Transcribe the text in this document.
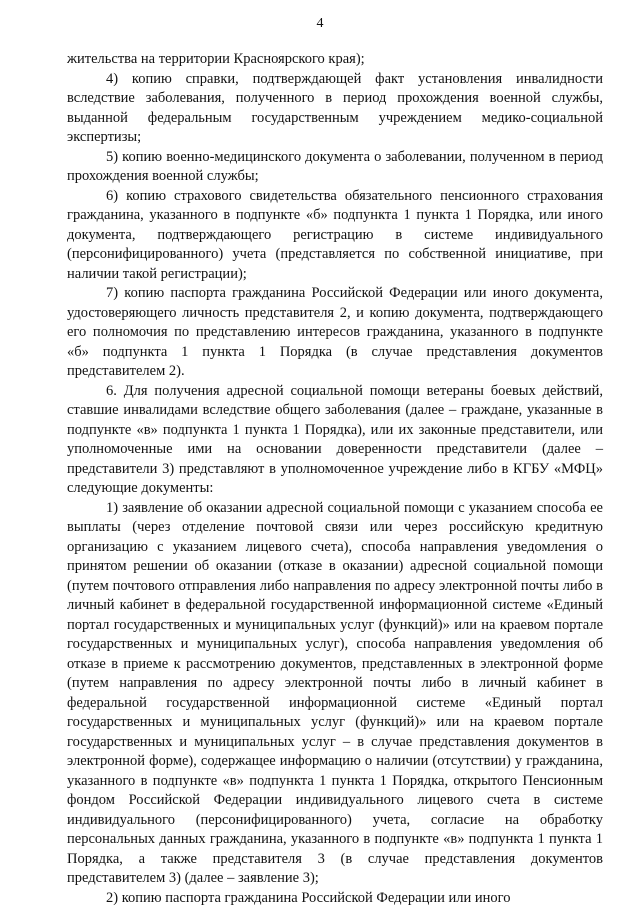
4

жительства на территории Красноярского края);

4) копию справки, подтверждающей факт установления инвалидности вследствие заболевания, полученного в период прохождения военной службы, выданной федеральным государственным учреждением медико-социальной экспертизы;

5) копию военно-медицинского документа о заболевании, полученном в период прохождения военной службы;

6) копию страхового свидетельства обязательного пенсионного страхования гражданина, указанного в подпункте «б» подпункта 1 пункта 1 Порядка, или иного документа, подтверждающего регистрацию в системе индивидуального (персонифицированного) учета (представляется по собственной инициативе, при наличии такой регистрации);

7) копию паспорта гражданина Российской Федерации или иного документа, удостоверяющего личность представителя 2, и копию документа, подтверждающего его полномочия по представлению интересов гражданина, указанного в подпункте «б» подпункта 1 пункта 1 Порядка (в случае представления документов представителем 2).

6. Для получения адресной социальной помощи ветераны боевых действий, ставшие инвалидами вследствие общего заболевания (далее – граждане, указанные в подпункте «в» подпункта 1 пункта 1 Порядка), или их законные представители, или уполномоченные ими на основании доверенности представители (далее – представители 3) представляют в уполномоченное учреждение либо в КГБУ «МФЦ» следующие документы:

1) заявление об оказании адресной социальной помощи с указанием способа ее выплаты (через отделение почтовой связи или через российскую кредитную организацию с указанием лицевого счета), способа направления уведомления о принятом решении об оказании (отказе в оказании) адресной социальной помощи (путем почтового отправления либо направления по адресу электронной почты либо в личный кабинет в федеральной государственной информационной системе «Единый портал государственных и муниципальных услуг (функций)» или на краевом портале государственных и муниципальных услуг), способа направления уведомления об отказе в приеме к рассмотрению документов, представленных в электронной форме (путем направления по адресу электронной почты либо в личный кабинет в федеральной государственной информационной системе «Единый портал государственных и муниципальных услуг (функций)» или на краевом портале государственных и муниципальных услуг – в случае представления документов в электронной форме), содержащее информацию о наличии (отсутствии) у гражданина, указанного в подпункте «в» подпункта 1 пункта 1 Порядка, открытого Пенсионным фондом Российской Федерации индивидуального лицевого счета в системе индивидуального (персонифицированного) учета, согласие на обработку персональных данных гражданина, указанного в подпункте «в» подпункта 1 пункта 1 Порядка, а также представителя 3 (в случае представления документов представителем 3) (далее – заявление 3);

2) копию паспорта гражданина Российской Федерации или иного
